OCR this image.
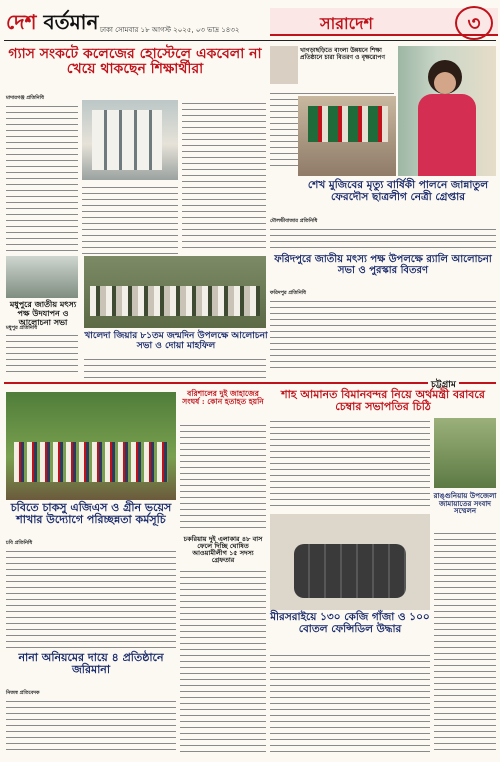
দেশ বর্তমান ঢাকা সোমবার ১৮ আগস্ট ২০২৫, ০৩ ভাদ্র ১৪৩২	সারাদেশ	৩
গ্যাস সংকটে কলেজের হোস্টেলে একবেলা না খেয়ে থাকছেন শিক্ষার্থীরা
মাদারগঞ্জ প্রতিনিধি
খাগড়াছড়িতে বাংলা উন্নয়নে শিক্ষা প্রতিষ্ঠানে চারা বিতরণ ও বৃক্ষরোপণ
শেখ মুজিবের মৃত্যু বার্ষিকী পালনে জান্নাতুল ফেরদৌস ছাত্রলীগ নেত্রী গ্রেপ্তার
মৌলভীবাজার প্রতিনিধি
মধুপুরে জাতীয় মৎস্য পক্ষ উদযাপন ও আলোচনা সভা
মধুপুর প্রতিনিধি
খালেদা জিয়ার ৮১তম জন্মদিন উপলক্ষে আলোচনা সভা ও দোয়া মাহফিল
ফরিদপুরে জাতীয় মৎস্য পক্ষ উপলক্ষে র‍্যালি আলোচনা সভা ও পুরস্কার বিতরণ
ফরিদপুর প্রতিনিধি
চট্টগ্রাম
চবিতে চাকসু এজিএস ও গ্রীন ভয়েস শাখার উদ্যোগে পরিচ্ছন্নতা কর্মসূচি
চবি প্রতিনিধি
বরিশালের দুই জাহাজের সংঘর্ষ : কোন হতাহত হয়নি
শাহ আমানত বিমানবন্দর নিয়ে অর্থমন্ত্রী বরাবরে চেম্বার সভাপতির চিঠি
রাঙ্গুনিয়ায় উপজেলা জামায়াতের সংবাদ সম্মেলন
চকরিয়ায় দুই এলাকার ৪৮ বাস ফেলে দিচ্ছি ঘোষিত আওয়ামীলীগ ১৫ সদস্য গ্রেফতার
মীরসরাইয়ে ১৩০ কেজি গাঁজা ও ১০০ বোতল ফেন্সিডিল উদ্ধার
নানা অনিয়মের দায়ে ৪ প্রতিষ্ঠানে জরিমানা
নিজস্ব প্রতিবেদক
